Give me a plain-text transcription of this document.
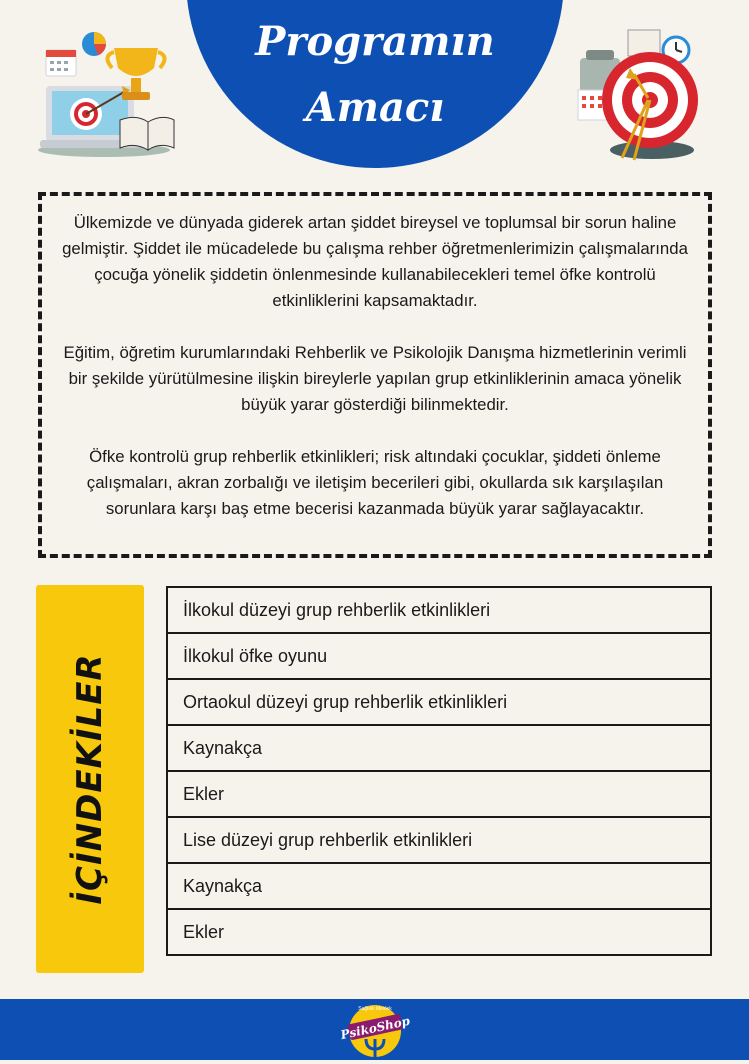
Programın
Amacı

Ülkemizde ve dünyada giderek artan şiddet bireysel ve toplumsal bir sorun haline gelmiştir. Şiddet ile mücadelede bu çalışma rehber öğretmenlerimizin çalışmalarında çocuğa yönelik şiddetin önlenmesinde kullanabilecekleri temel öfke kontrolü etkinliklerini kapsamaktadır.

Eğitim, öğretim kurumlarındaki Rehberlik ve Psikolojik Danışma hizmetlerinin verimli bir şekilde yürütülmesine ilişkin bireylerle yapılan grup etkinliklerinin amaca yönelik büyük yarar gösterdiği bilinmektedir.

Öfke kontrolü grup rehberlik etkinlikleri; risk altındaki çocuklar, şiddeti önleme çalışmaları, akran zorbalığı ve iletişim becerileri gibi, okullarda sık karşılaşılan sorunlara karşı baş etme becerisi kazanmada büyük yarar sağlayacaktır.

İÇİNDEKİLER
İlkokul düzeyi grup rehberlik etkinlikleri
İlkokul öfke oyunu
Ortaokul düzeyi grup rehberlik etkinlikleri
Kaynakça
Ekler
Lise düzeyi grup rehberlik etkinlikleri
Kaynakça
Ekler
Sağlıklı Meslek
PsikoShop
